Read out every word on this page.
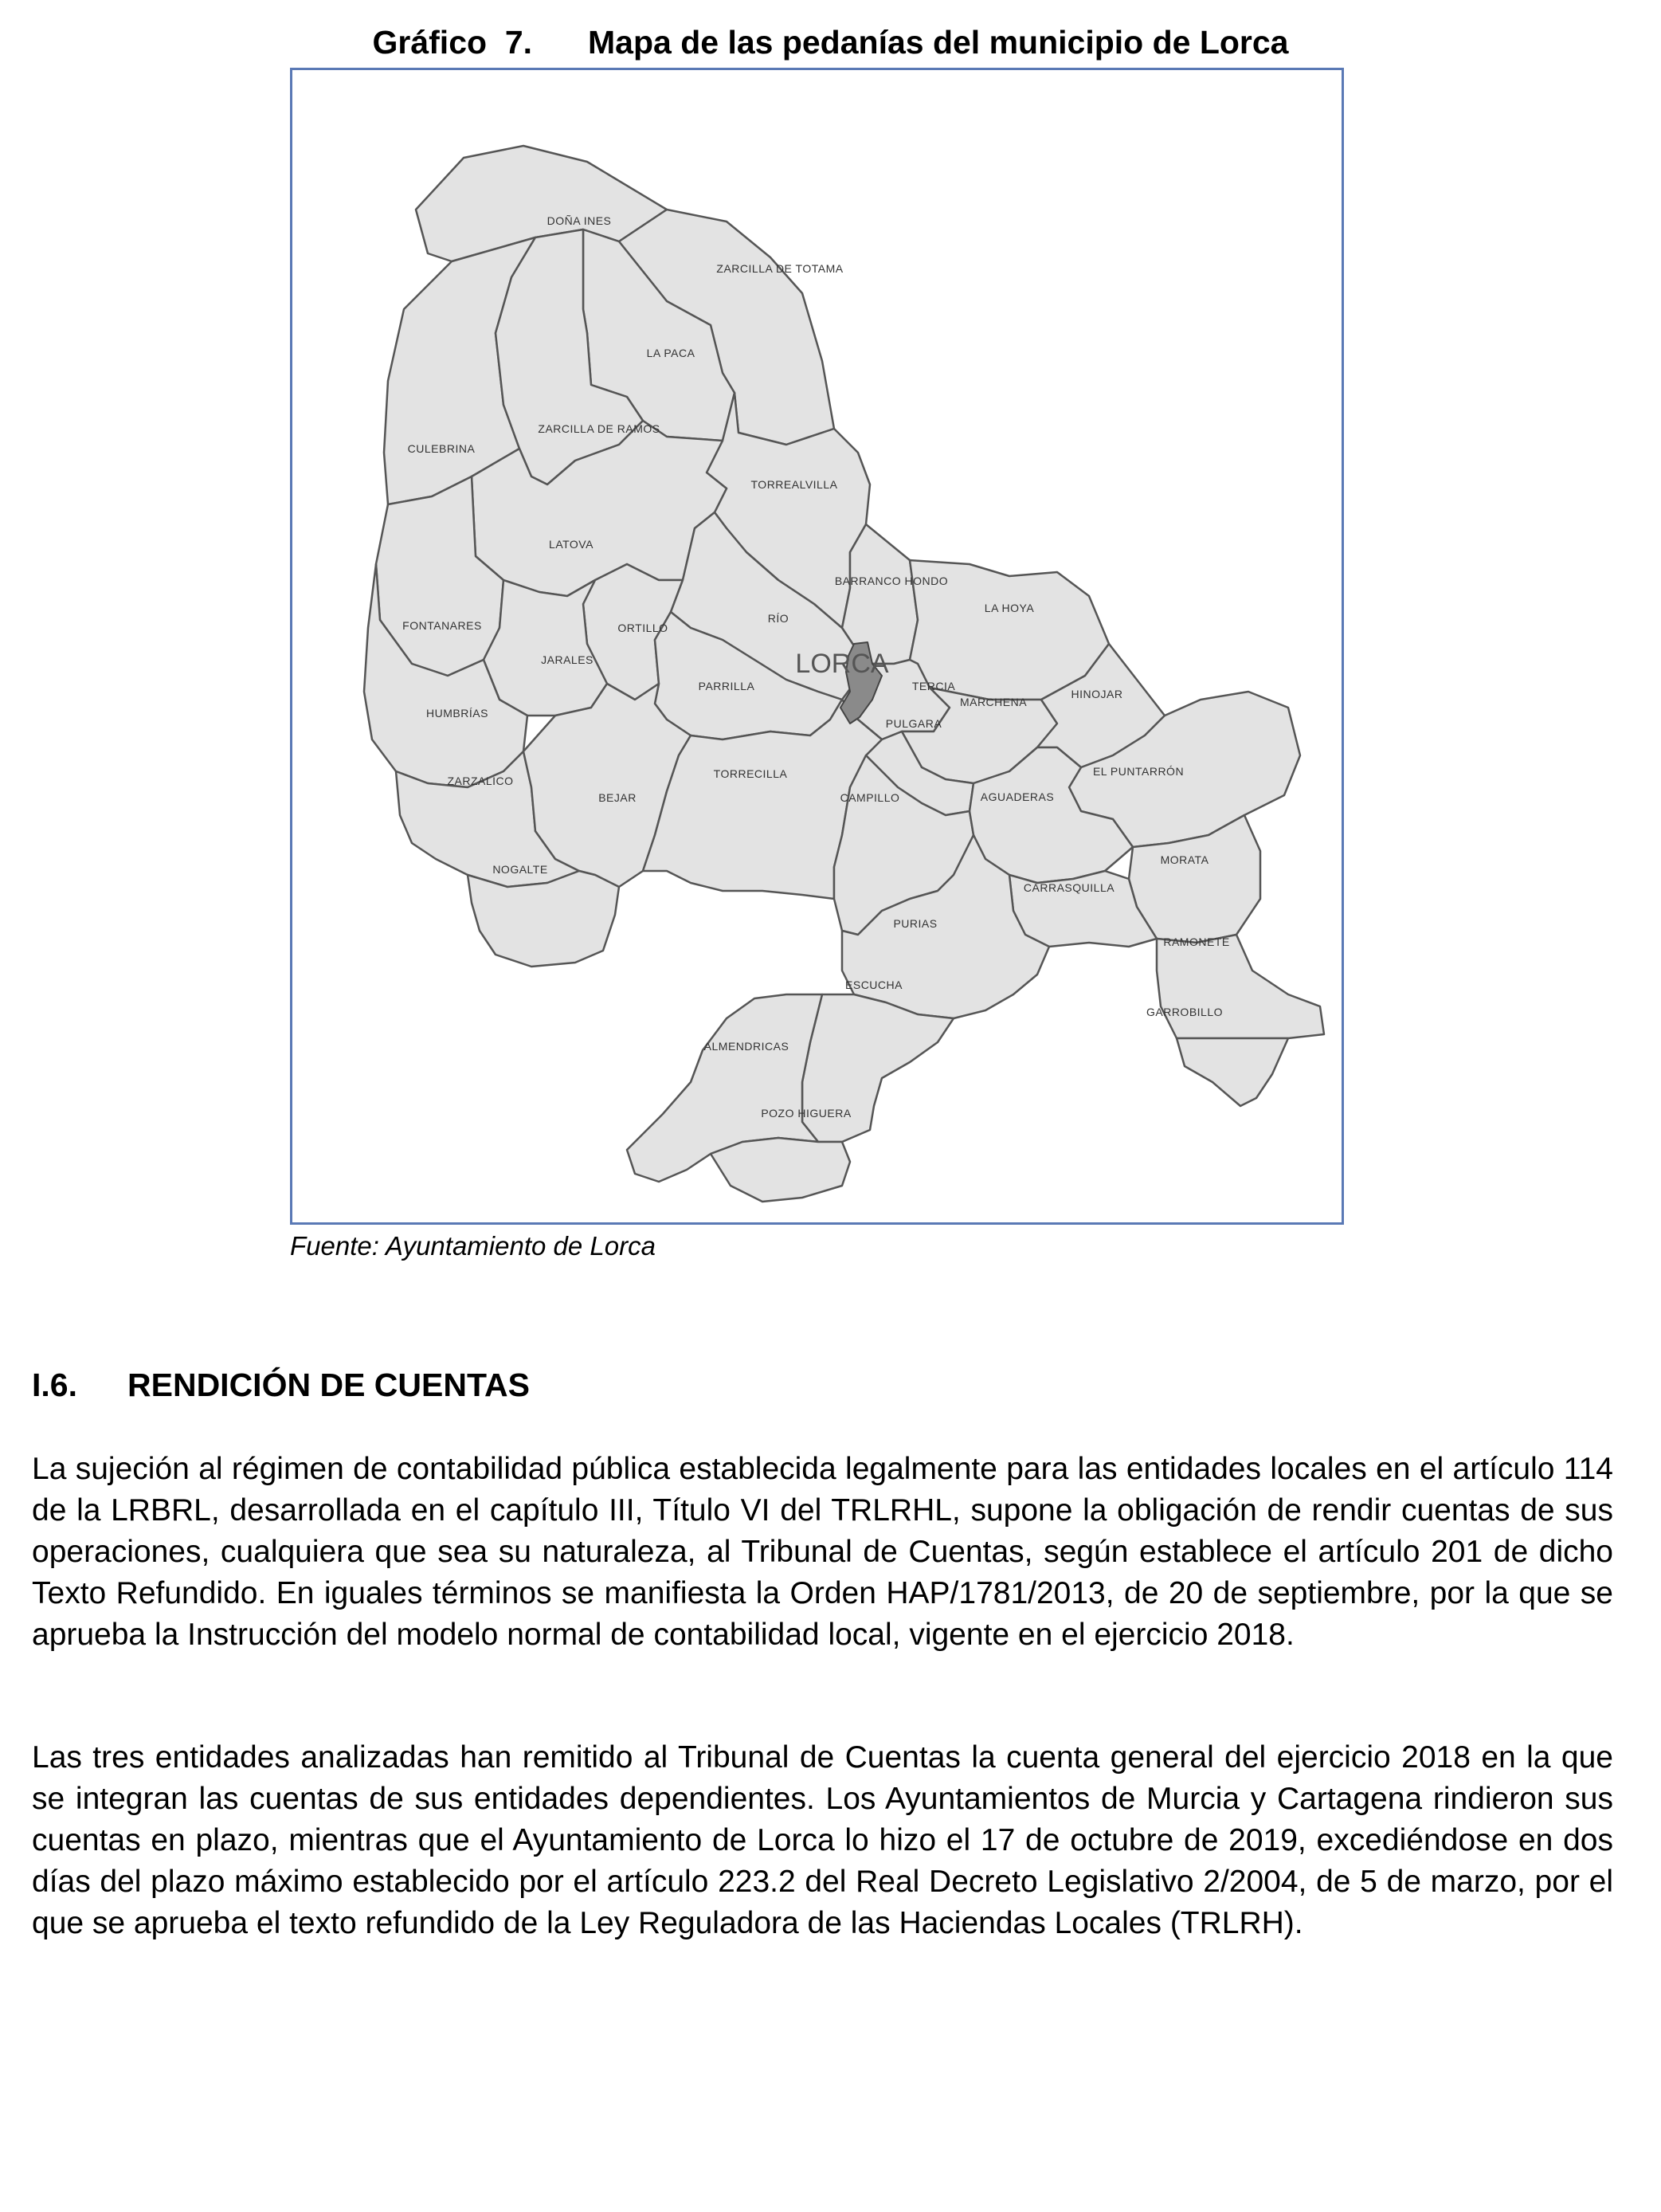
Gráfico  7. Mapa de las pedanías del municipio de Lorca
DOÑA INES
ZARCILLA DE TOTAMA
LA PACA
ZARCILLA DE RAMOS
CULEBRINA
TORREALVILLA
LATOVA
BARRANCO HONDO
LA HOYA
FONTANARES	ORTILLO
RÍO
JARALES
PARRILLA	TERCIA
MARCHENA
HINOJAR
HUMBRÍAS
PULGARA
EL PUNTARRÓN
ZARZALICO
BEJAR
TORRECILLA
CAMPILLO	AGUADERAS
MORATA
NOGALTE
CARRASQUILLA
PURIAS
RAMONETE
ESCUCHA
GARROBILLO
ALMENDRICAS
POZO HIGUERA
LORCA
Fuente: Ayuntamiento de Lorca
I.6. RENDICIÓN DE CUENTAS

La sujeción al régimen de contabilidad pública establecida legalmente para las entidades locales en el artículo 114 de la LRBRL, desarrollada en el capítulo III, Título VI del TRLRHL, supone la obligación de rendir cuentas de sus operaciones, cualquiera que sea su naturaleza, al Tribunal de Cuentas, según establece el artículo 201 de dicho Texto Refundido. En iguales términos se manifiesta la Orden HAP/1781/2013, de 20 de septiembre, por la que se aprueba la Instrucción del modelo normal de contabilidad local, vigente en el ejercicio 2018.

Las tres entidades analizadas han remitido al Tribunal de Cuentas la cuenta general del ejercicio 2018 en la que se integran las cuentas de sus entidades dependientes. Los Ayuntamientos de Murcia y Cartagena rindieron sus cuentas en plazo, mientras que el Ayuntamiento de Lorca lo hizo el 17 de octubre de 2019, excediéndose en dos días del plazo máximo establecido por el artículo 223.2 del Real Decreto Legislativo 2/2004, de 5 de marzo, por el que se aprueba el texto refundido de la Ley Reguladora de las Haciendas Locales (TRLRH).
